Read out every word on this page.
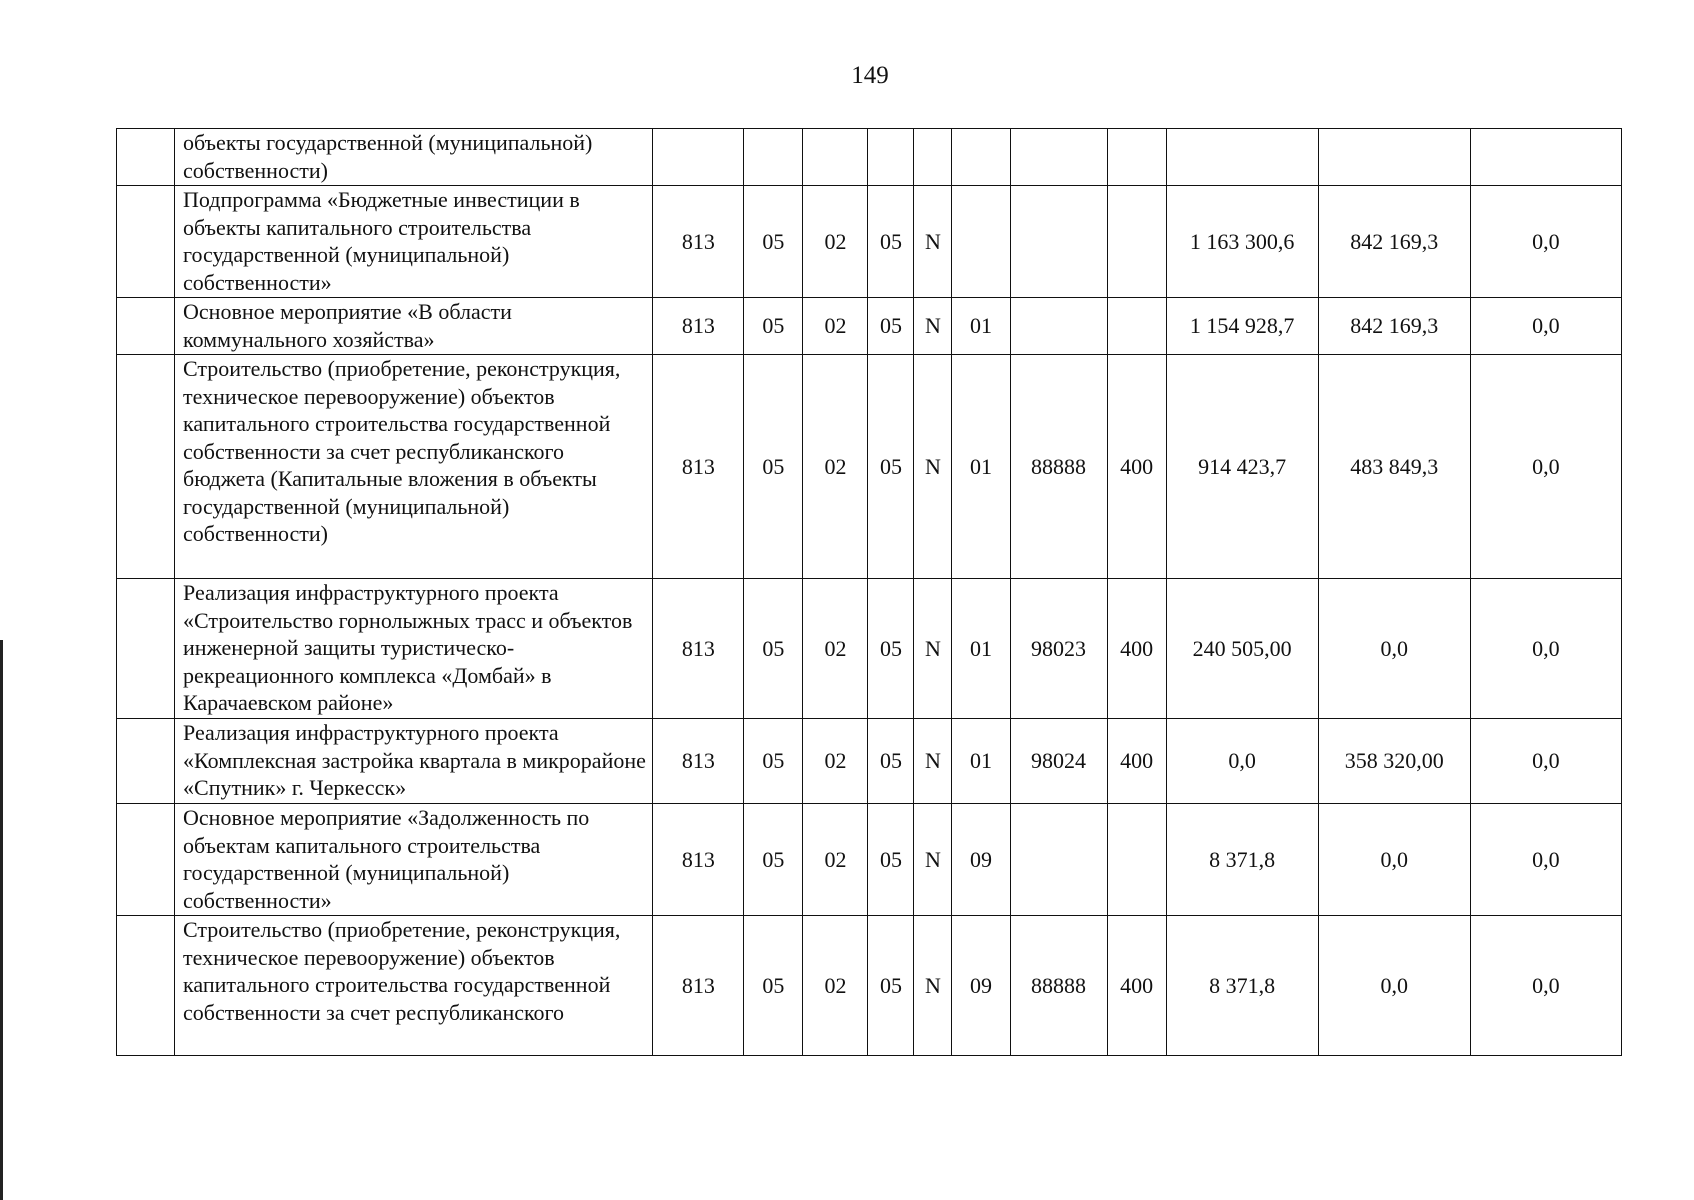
149
	объекты государственной (муниципальной) собственности)											
	Подпрограмма «Бюджетные инвестиции в объекты капитального строительства государственной (муниципальной) собственности»	813	05	02	05	N				1 163 300,6	842 169,3	0,0
	Основное мероприятие «В области коммунального хозяйства»	813	05	02	05	N	01			1 154 928,7	842 169,3	0,0
	Строительство (приобретение, реконструкция, техническое перевооружение) объектов капитального строительства государственной собственности за счет республиканского бюджета (Капитальные вложения в объекты государственной (муниципальной) собственности)	813	05	02	05	N	01	88888	400	914 423,7	483 849,3	0,0
	Реализация инфраструктурного проекта «Строительство горнолыжных трасс и объектов инженерной защиты туристическо-рекреационного комплекса «Домбай» в Карачаевском районе»	813	05	02	05	N	01	98023	400	240 505,00	0,0	0,0
	Реализация инфраструктурного проекта «Комплексная застройка квартала в микрорайоне «Спутник» г. Черкесск»	813	05	02	05	N	01	98024	400	0,0	358 320,00	0,0
	Основное мероприятие «Задолженность по объектам капитального строительства государственной (муниципальной) собственности»	813	05	02	05	N	09			8 371,8	0,0	0,0
	Строительство (приобретение, реконструкция, техническое перевооружение) объектов капитального строительства государственной собственности за счет республиканского	813	05	02	05	N	09	88888	400	8 371,8	0,0	0,0
